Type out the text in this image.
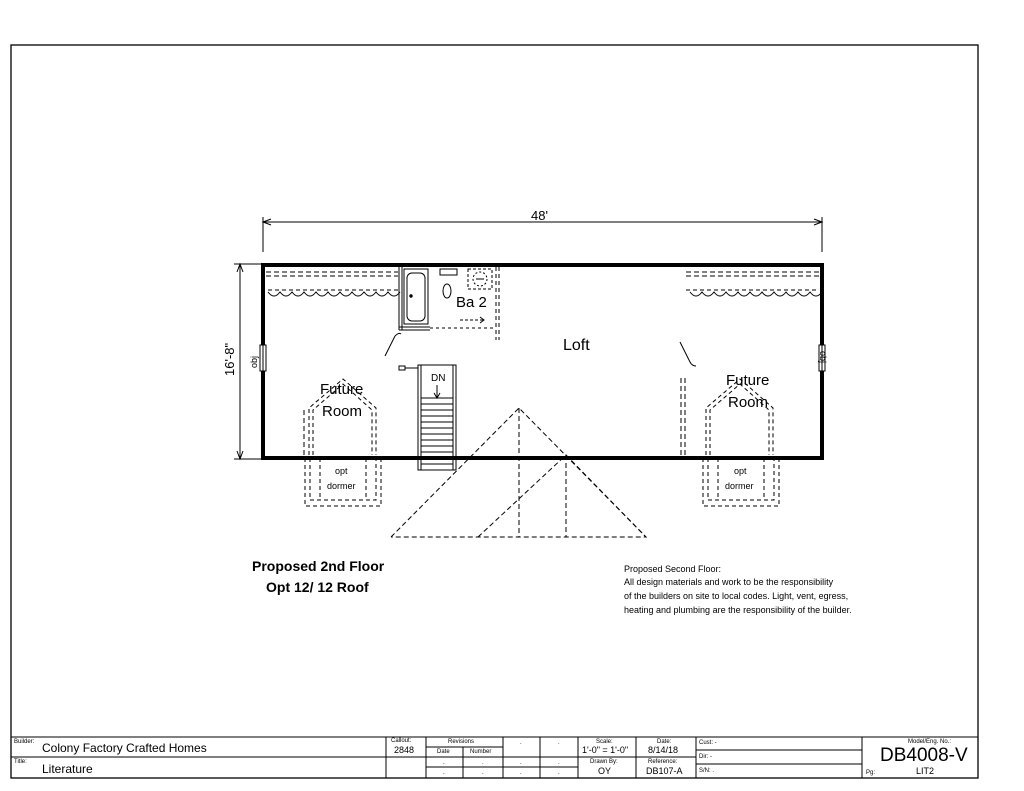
48'
16'-8" obj	obj
Loft
Ba 2
DN
Future
Room
Future
Room
opt
dormer
opt
dormer
Proposed 2nd Floor
Opt 12/ 12 Roof
Proposed Second Floor:
All design materials and work to be the responsibility
of the builders on site to local codes. Light, vent, egress,
heating and plumbing are the responsibility of the builder.
Builder: Colony Factory Crafted Homes
Title: Literature
Callout:
2848
Revisions
Date	Number
.	.
.	.
.	.
.	.
.	.
Scale:
1'-0" = 1'-0"
Drawn By:
OY
Date:
8/14/18
Reference:
DB107-A
Cust: -
Dir: -
S/N: .
Model/Eng. No.:
DB4008-V
Pg:	LIT2
